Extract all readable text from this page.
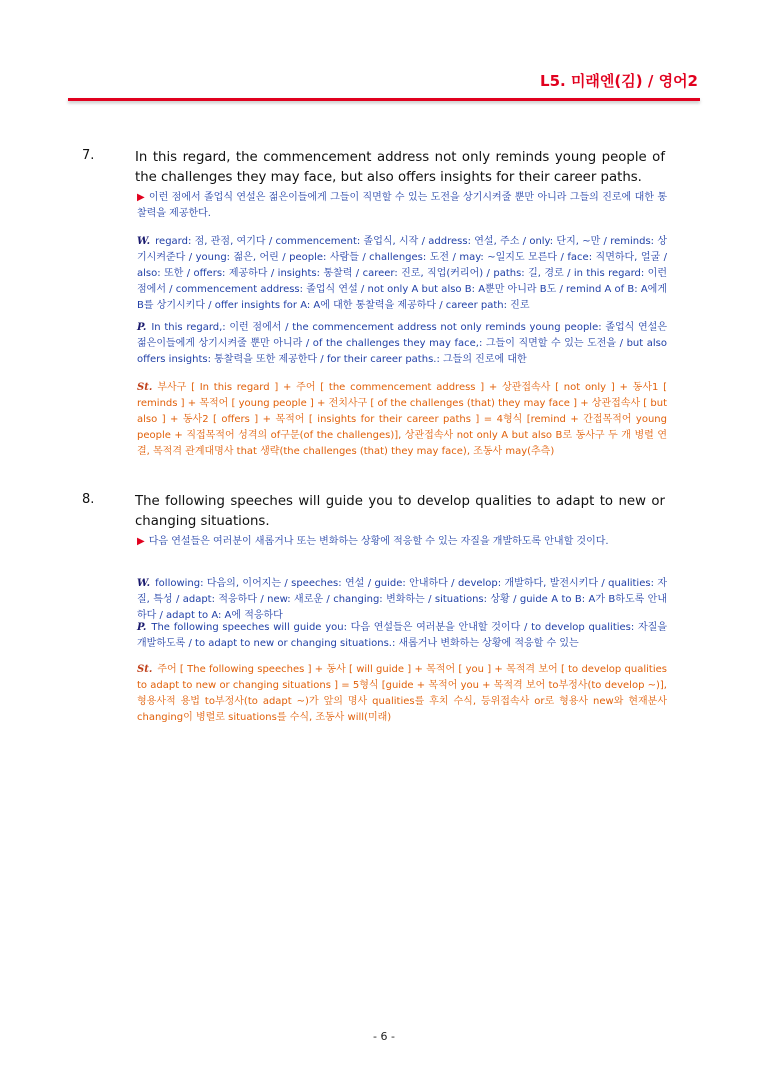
L5. 미래엔(김) / 영어2
7.	In this regard, the commencement address not only reminds young people of the challenges they may face, but also offers insights for their career paths.
▶ 이런 점에서 졸업식 연설은 젊은이들에게 그들이 직면할 수 있는 도전을 상기시켜줄 뿐만 아니라 그들의 진로에 대한 통찰력을 제공한다.
W. regard: 점, 관점, 여기다 / commencement: 졸업식, 시작 / address: 연설, 주소 / only: 단지, ~만 / reminds: 상기시켜준다 / young: 젊은, 어린 / people: 사람들 / challenges: 도전 / may: ~일지도 모른다 / face: 직면하다, 얼굴 / also: 또한 / offers: 제공하다 / insights: 통찰력 / career: 진로, 직업(커리어) / paths: 길, 경로 / in this regard: 이런 점에서 / commencement address: 졸업식 연설 / not only A but also B: A뿐만 아니라 B도 / remind A of B: A에게 B를 상기시키다 / offer insights for A: A에 대한 통찰력을 제공하다 / career path: 진로
P. In this regard,: 이런 점에서 / the commencement address not only reminds young people: 졸업식 연설은 젊은이들에게 상기시켜줄 뿐만 아니라 / of the challenges they may face,: 그들이 직면할 수 있는 도전을 / but also offers insights: 통찰력을 또한 제공한다 / for their career paths.: 그들의 진로에 대한
St. 부사구 [ In this regard ] + 주어 [ the commencement address ] + 상관접속사 [ not only ] + 동사1 [ reminds ] + 목적어 [ young people ] + 전치사구 [ of the challenges (that) they may face ] + 상관접속사 [ but also ] + 동사2 [ offers ] + 목적어 [ insights for their career paths ] = 4형식 [remind + 간접목적어 young people + 직접목적어 성격의 of구문(of the challenges)], 상관접속사 not only A but also B로 동사구 두 개 병렬 연결, 목적격 관계대명사 that 생략(the challenges (that) they may face), 조동사 may(추측)
8.	The following speeches will guide you to develop qualities to adapt to new or changing situations.
▶ 다음 연설들은 여러분이 새롭거나 또는 변화하는 상황에 적응할 수 있는 자질을 개발하도록 안내할 것이다.
W. following: 다음의, 이어지는 / speeches: 연설 / guide: 안내하다 / develop: 개발하다, 발전시키다 / qualities: 자질, 특성 / adapt: 적응하다 / new: 새로운 / changing: 변화하는 / situations: 상황 / guide A to B: A가 B하도록 안내하다 / adapt to A: A에 적응하다
P. The following speeches will guide you: 다음 연설들은 여러분을 안내할 것이다 / to develop qualities: 자질을 개발하도록 / to adapt to new or changing situations.: 새롭거나 변화하는 상황에 적응할 수 있는
St. 주어 [ The following speeches ] + 동사 [ will guide ] + 목적어 [ you ] + 목적격 보어 [ to develop qualities to adapt to new or changing situations ] = 5형식 [guide + 목적어 you + 목적격 보어 to부정사(to develop ~)], 형용사적 용법 to부정사(to adapt ~)가 앞의 명사 qualities를 후치 수식, 등위접속사 or로 형용사 new와 현재분사 changing이 병렬로 situations를 수식, 조동사 will(미래)
- 6 -
